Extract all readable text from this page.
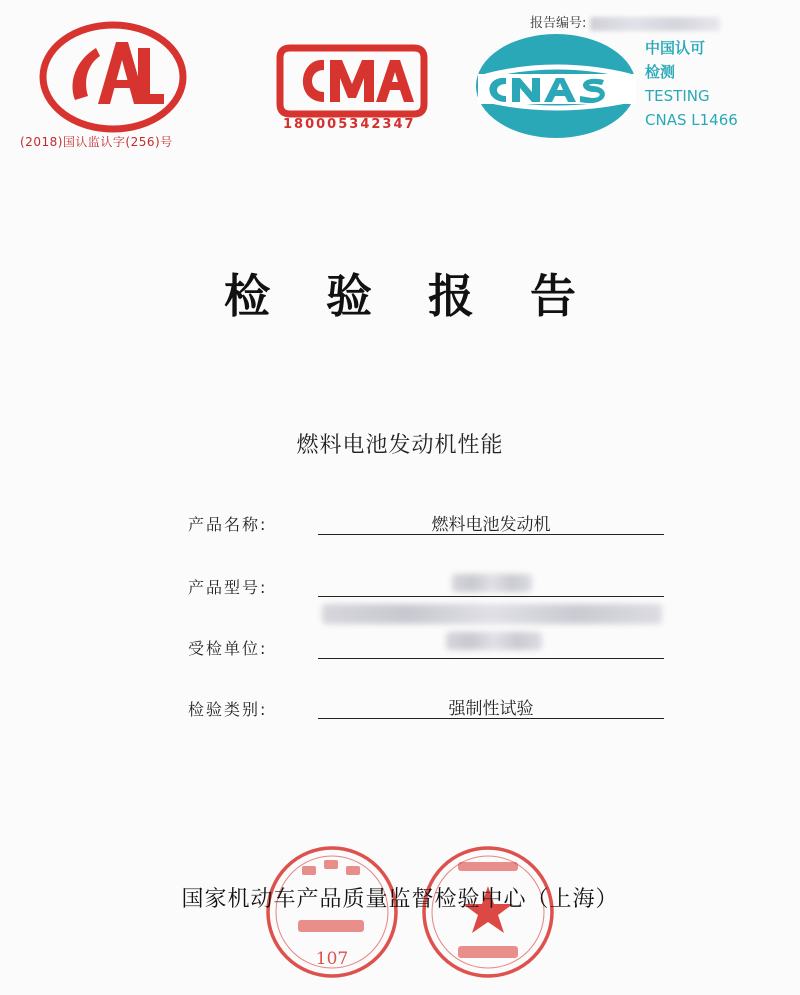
报告编号:
(2018)国认监认字(256)号
180005342347
中国认可
检测
TESTING
CNAS L1466
检验报告
燃料电池发动机性能
产品名称:	燃料电池发动机
产品型号:
受检单位:
检验类别:	强制性试验
107
国家机动车产品质量监督检验中心（上海）
